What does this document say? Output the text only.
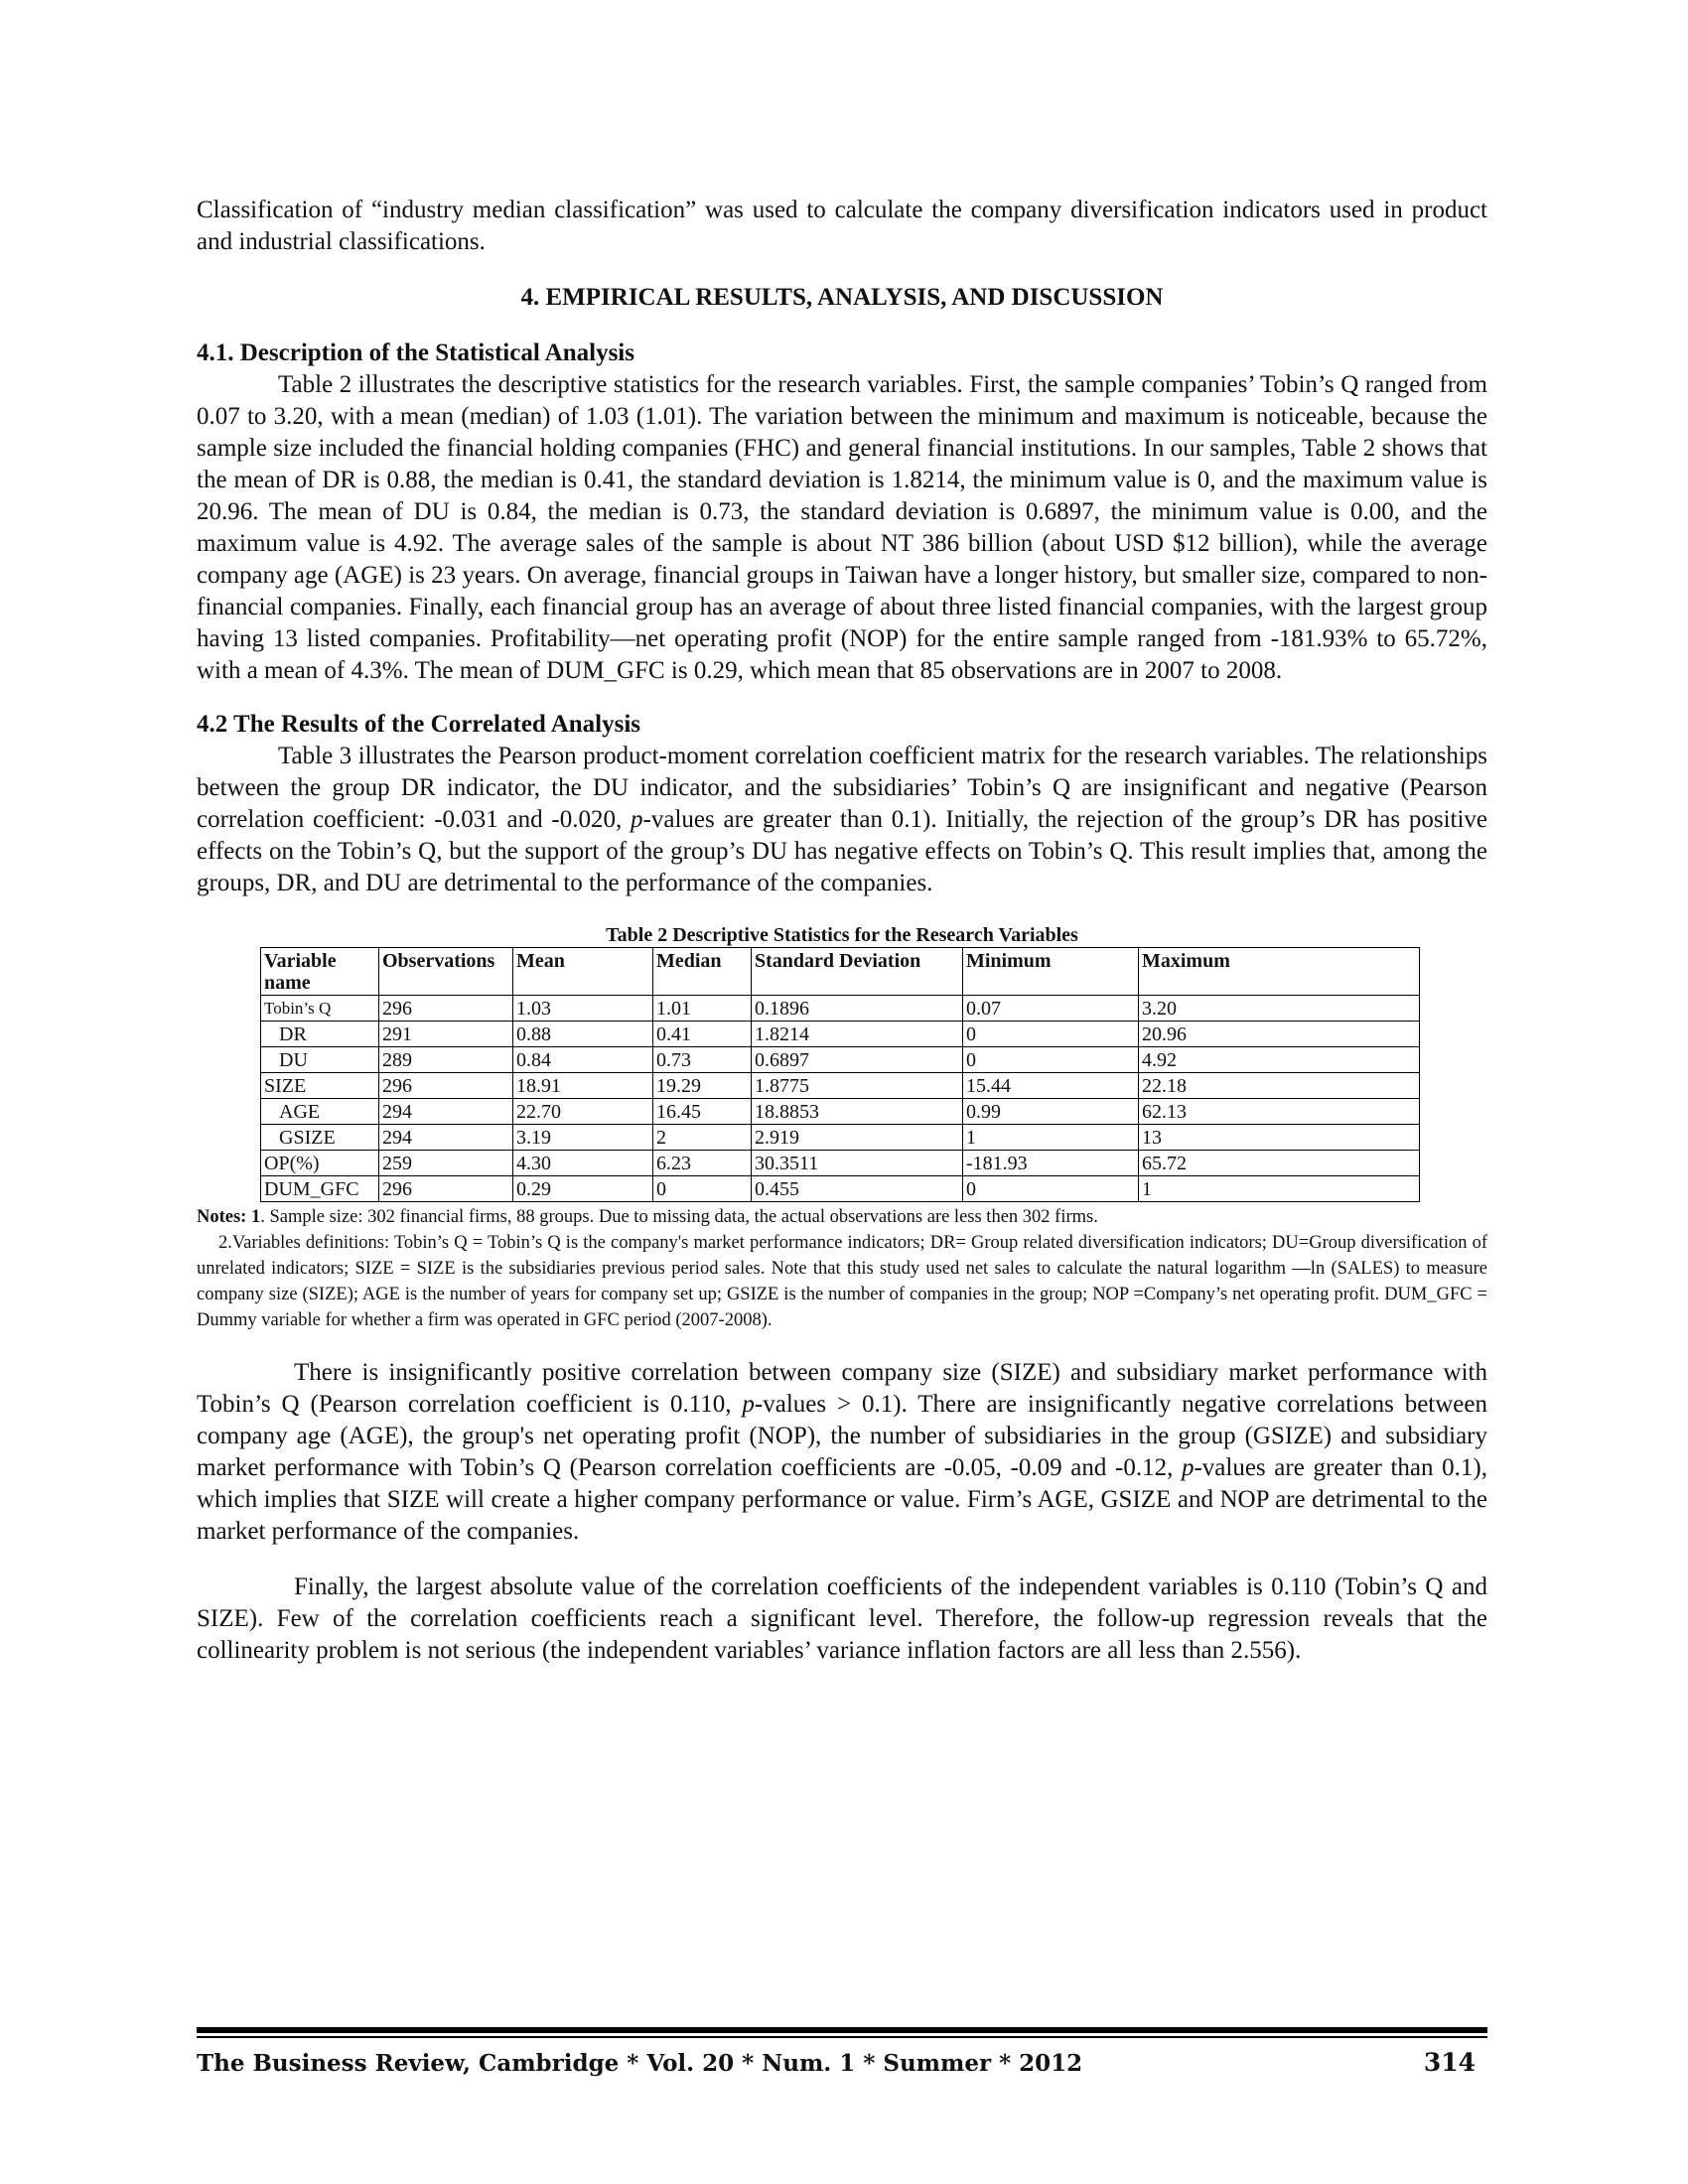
Classification of “industry median classification” was used to calculate the company diversification indicators used in product and industrial classifications.

4. EMPIRICAL RESULTS, ANALYSIS, AND DISCUSSION
4.1. Description of the Statistical Analysis

Table 2 illustrates the descriptive statistics for the research variables. First, the sample companies’ Tobin’s Q ranged from 0.07 to 3.20, with a mean (median) of 1.03 (1.01). The variation between the minimum and maximum is noticeable, because the sample size included the financial holding companies (FHC) and general financial institutions. In our samples, Table 2 shows that the mean of DR is 0.88, the median is 0.41, the standard deviation is 1.8214, the minimum value is 0, and the maximum value is 20.96. The mean of DU is 0.84, the median is 0.73, the standard deviation is 0.6897, the minimum value is 0.00, and the maximum value is 4.92. The average sales of the sample is about NT 386 billion (about USD $12 billion), while the average company age (AGE) is 23 years. On average, financial groups in Taiwan have a longer history, but smaller size, compared to non-financial companies. Finally, each financial group has an average of about three listed financial companies, with the largest group having 13 listed companies. Profitability—net operating profit (NOP) for the entire sample ranged from -181.93% to 65.72%, with a mean of 4.3%. The mean of DUM_GFC is 0.29, which mean that 85 observations are in 2007 to 2008.

4.2 The Results of the Correlated Analysis

Table 3 illustrates the Pearson product-moment correlation coefficient matrix for the research variables. The relationships between the group DR indicator, the DU indicator, and the subsidiaries’ Tobin’s Q are insignificant and negative (Pearson correlation coefficient: -0.031 and -0.020, p-values are greater than 0.1). Initially, the rejection of the group’s DR has positive effects on the Tobin’s Q, but the support of the group’s DU has negative effects on Tobin’s Q. This result implies that, among the groups, DR, and DU are detrimental to the performance of the companies.

Table 2 Descriptive Statistics for the Research Variables
Variable name	Observations	Mean	Median	Standard Deviation	Minimum	Maximum
Tobin’s Q	296	1.03	1.01	0.1896	0.07	3.20
DR	291	0.88	0.41	1.8214	0	20.96
DU	289	0.84	0.73	0.6897	0	4.92
SIZE	296	18.91	19.29	1.8775	15.44	22.18
AGE	294	22.70	16.45	18.8853	0.99	62.13
GSIZE	294	3.19	2	2.919	1	13
OP(%)	259	4.30	6.23	30.3511	-181.93	65.72
DUM_GFC	296	0.29	0	0.455	0	1
Notes: 1. Sample size: 302 financial firms, 88 groups. Due to missing data, the actual observations are less then 302 firms.
2.Variables definitions: Tobin’s Q = Tobin’s Q is the company's market performance indicators; DR= Group related diversification indicators; DU=Group diversification of unrelated indicators; SIZE = SIZE is the subsidiaries previous period sales. Note that this study used net sales to calculate the natural logarithm —ln (SALES) to measure company size (SIZE); AGE is the number of years for company set up; GSIZE is the number of companies in the group; NOP =Company’s net operating profit. DUM_GFC = Dummy variable for whether a firm was operated in GFC period (2007-2008).

There is insignificantly positive correlation between company size (SIZE) and subsidiary market performance with Tobin’s Q (Pearson correlation coefficient is 0.110, p-values > 0.1). There are insignificantly negative correlations between company age (AGE), the group's net operating profit (NOP), the number of subsidiaries in the group (GSIZE) and subsidiary market performance with Tobin’s Q (Pearson correlation coefficients are -0.05, -0.09 and -0.12, p-values are greater than 0.1), which implies that SIZE will create a higher company performance or value. Firm’s AGE, GSIZE and NOP are detrimental to the market performance of the companies.

Finally, the largest absolute value of the correlation coefficients of the independent variables is 0.110 (Tobin’s Q and SIZE). Few of the correlation coefficients reach a significant level. Therefore, the follow-up regression reveals that the collinearity problem is not serious (the independent variables’ variance inflation factors are all less than 2.556).

The Business Review, Cambridge * Vol. 20 * Num. 1 * Summer * 2012	314
